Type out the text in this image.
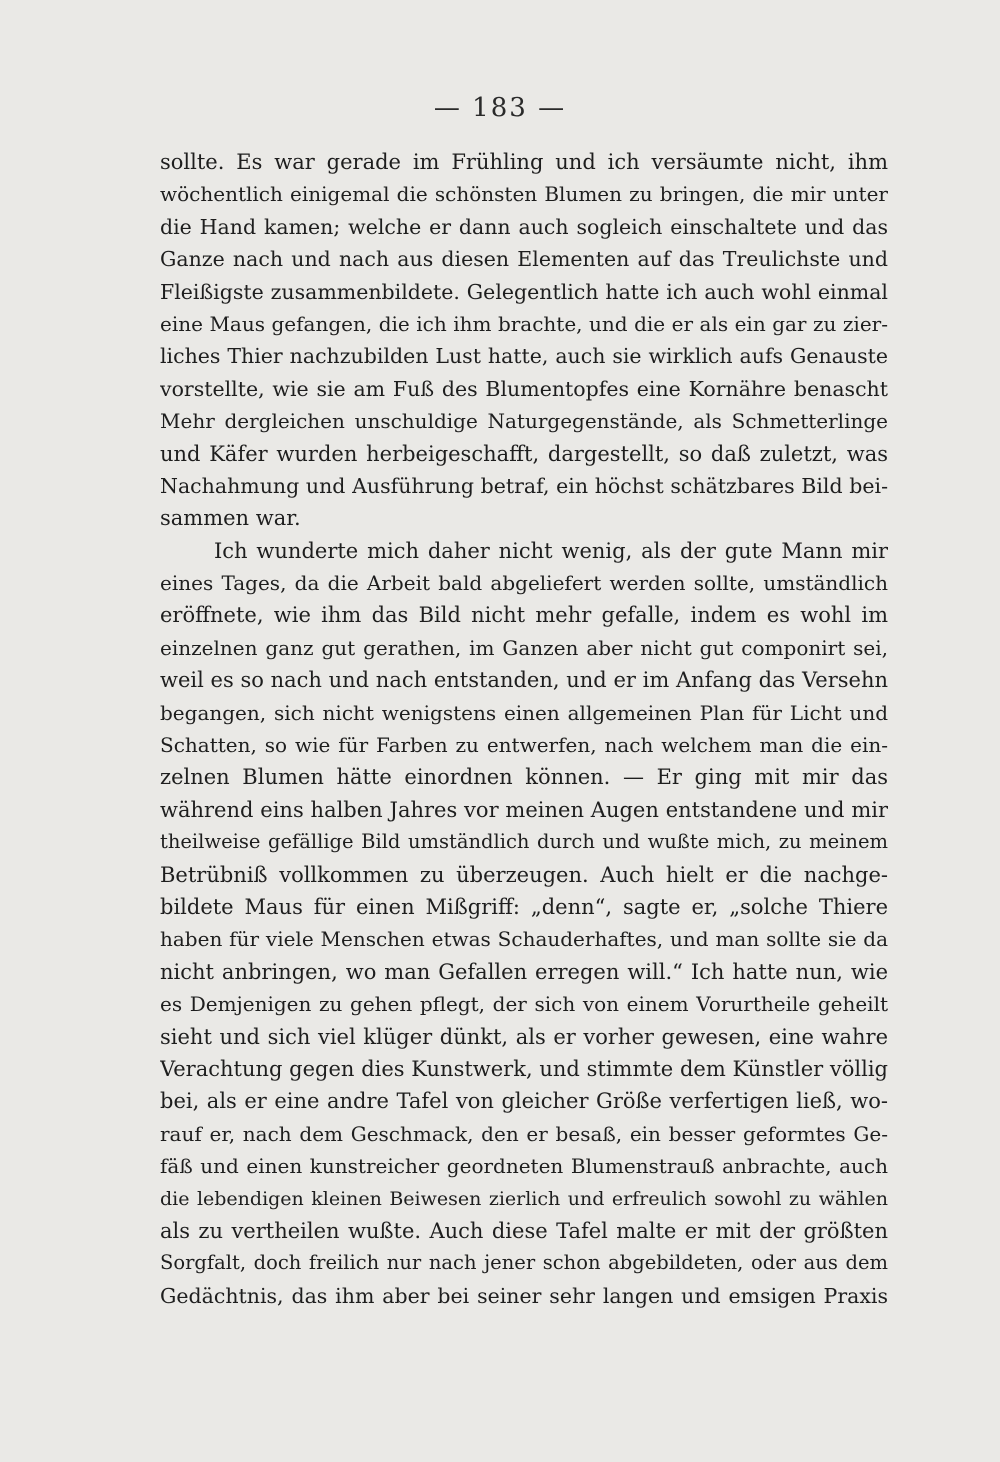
— 183 —
sollte. Es war gerade im Frühling und ich versäumte nicht, ihm
wöchentlich einigemal die schönsten Blumen zu bringen, die mir unter
die Hand kamen; welche er dann auch sogleich einschaltete und das
Ganze nach und nach aus diesen Elementen auf das Treulichste und
Fleißigste zusammenbildete. Gelegentlich hatte ich auch wohl einmal
eine Maus gefangen, die ich ihm brachte, und die er als ein gar zu zier-
liches Thier nachzubilden Lust hatte, auch sie wirklich aufs Genauste
vorstellte, wie sie am Fuß des Blumentopfes eine Kornähre benascht
Mehr dergleichen unschuldige Naturgegenstände, als Schmetterlinge
und Käfer wurden herbeigeschafft, dargestellt, so daß zuletzt, was
Nachahmung und Ausführung betraf, ein höchst schätzbares Bild bei-
sammen war.
Ich wunderte mich daher nicht wenig, als der gute Mann mir
eines Tages, da die Arbeit bald abgeliefert werden sollte, umständlich
eröffnete, wie ihm das Bild nicht mehr gefalle, indem es wohl im
einzelnen ganz gut gerathen, im Ganzen aber nicht gut componirt sei,
weil es so nach und nach entstanden, und er im Anfang das Versehn
begangen, sich nicht wenigstens einen allgemeinen Plan für Licht und
Schatten, so wie für Farben zu entwerfen, nach welchem man die ein-
zelnen Blumen hätte einordnen können. — Er ging mit mir das
während eins halben Jahres vor meinen Augen entstandene und mir
theilweise gefällige Bild umständlich durch und wußte mich, zu meinem
Betrübniß vollkommen zu überzeugen. Auch hielt er die nachge-
bildete Maus für einen Mißgriff: „denn“, sagte er, „solche Thiere
haben für viele Menschen etwas Schauderhaftes, und man sollte sie da
nicht anbringen, wo man Gefallen erregen will.“ Ich hatte nun, wie
es Demjenigen zu gehen pflegt, der sich von einem Vorurtheile geheilt
sieht und sich viel klüger dünkt, als er vorher gewesen, eine wahre
Verachtung gegen dies Kunstwerk, und stimmte dem Künstler völlig
bei, als er eine andre Tafel von gleicher Größe verfertigen ließ, wo-
rauf er, nach dem Geschmack, den er besaß, ein besser geformtes Ge-
fäß und einen kunstreicher geordneten Blumenstrauß anbrachte, auch
die lebendigen kleinen Beiwesen zierlich und erfreulich sowohl zu wählen
als zu vertheilen wußte. Auch diese Tafel malte er mit der größten
Sorgfalt, doch freilich nur nach jener schon abgebildeten, oder aus dem
Gedächtnis, das ihm aber bei seiner sehr langen und emsigen Praxis
